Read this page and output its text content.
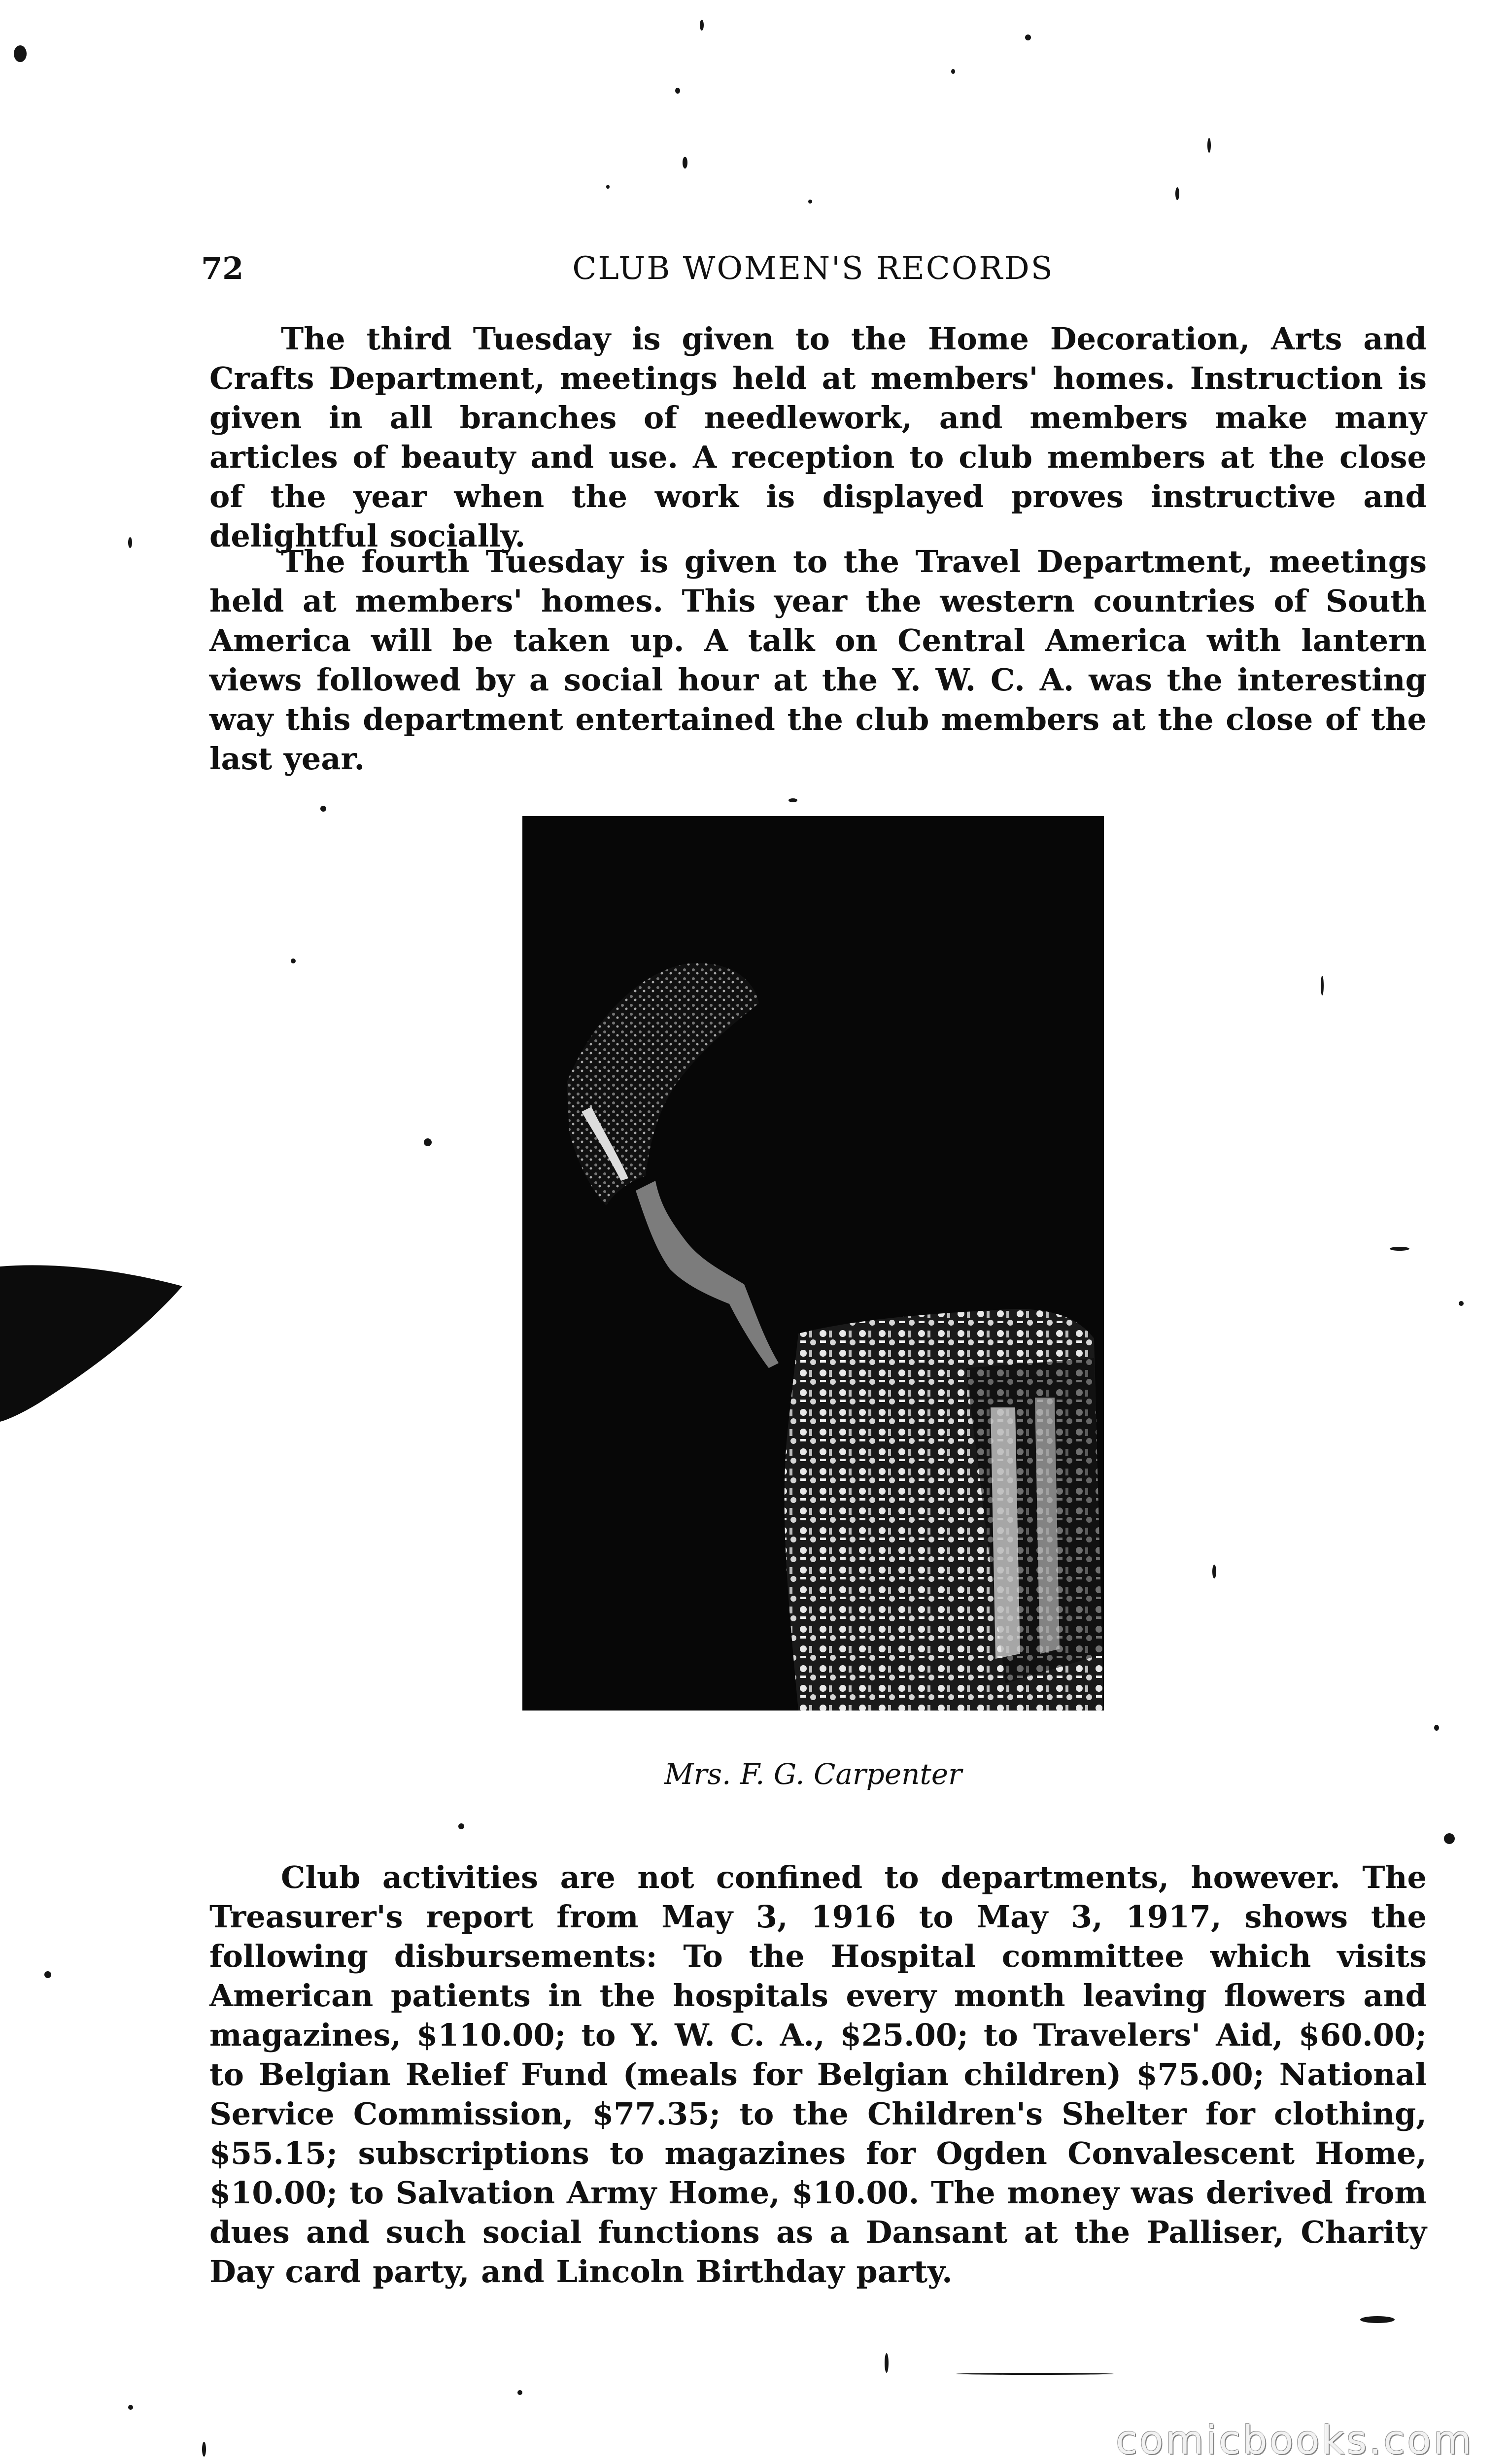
72	CLUB WOMEN'S RECORDS

The third Tuesday is given to the Home Decoration, Arts and Crafts Department, meetings held at members' homes. Instruction is given in all branches of needlework, and members make many articles of beauty and use. A reception to club members at the close of the year when the work is displayed proves instructive and delightful socially.

The fourth Tuesday is given to the Travel Department, meetings held at members' homes. This year the western countries of South America will be taken up. A talk on Central America with lantern views followed by a social hour at the Y. W. C. A. was the interesting way this department entertained the club members at the close of the last year.

Mrs. F. G. Carpenter

Club activities are not confined to departments, however. The Treasurer's report from May 3, 1916 to May 3, 1917, shows the following disbursements: To the Hospital committee which visits American patients in the hospitals every month leaving flowers and magazines, $110.00; to Y. W. C. A., $25.00; to Travelers' Aid, $60.00; to Belgian Relief Fund (meals for Belgian children) $75.00; National Service Commission, $77.35; to the Children's Shelter for clothing, $55.15; subscriptions to magazines for Ogden Convalescent Home, $10.00; to Salvation Army Home, $10.00. The money was derived from dues and such social functions as a Dansant at the Palliser, Charity Day card party, and Lincoln Birthday party.

comicbooks.com
